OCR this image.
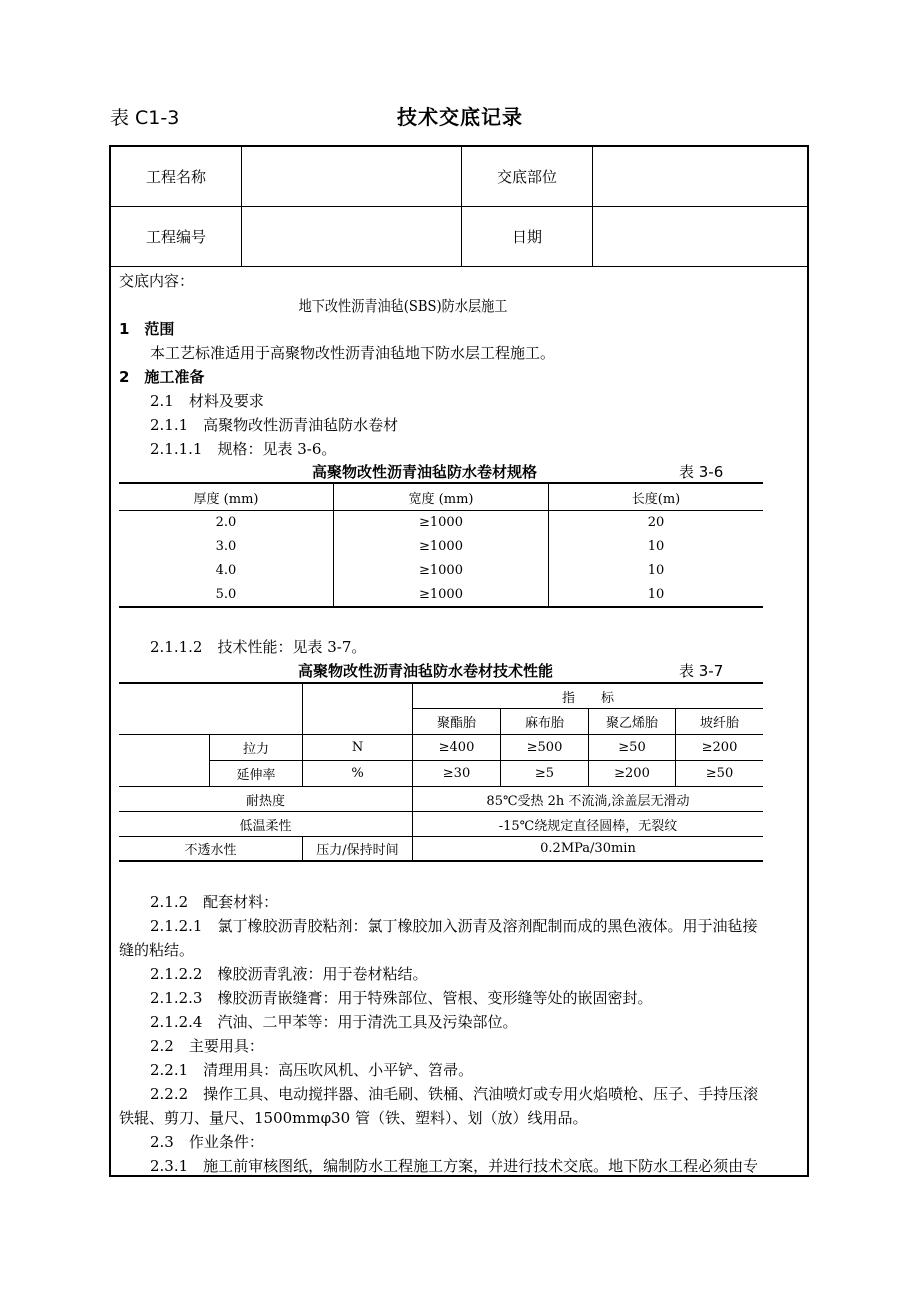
表 C1-3	技术交底记录
工程名称	交底部位
工程编号	日期
交底内容：
地下改性沥青油毡(SBS)防水层施工
1　范围
本工艺标准适用于高聚物改性沥青油毡地下防水层工程施工。
2　施工准备
2.1　材料及要求
2.1.1　高聚物改性沥青油毡防水卷材
2.1.1.1　规格：见表 3-6。
高聚物改性沥青油毡防水卷材规格	表 3-6
厚度 (mm)	宽度 (mm)	长度(m)
2.0	≥1000	20
3.0	≥1000	10
4.0	≥1000	10
5.0	≥1000	10
2.1.1.2　技术性能：见表 3-7。
高聚物改性沥青油毡防水卷材技术性能	表 3-7
指　　标
聚酯胎	麻布胎	聚乙烯胎	坡纤胎
拉力	N	≥400	≥500	≥50	≥200
延伸率	%	≥30	≥5	≥200	≥50
耐热度	85℃受热 2h 不流淌,涂盖层无滑动
低温柔性	-15℃绕规定直径圆棒，无裂纹
不透水性	压力/保持时间	0.2MPa/30min
2.1.2　配套材料：
2.1.2.1　氯丁橡胶沥青胶粘剂：氯丁橡胶加入沥青及溶剂配制而成的黑色液体。用于油毡接
缝的粘结。
2.1.2.2　橡胶沥青乳液：用于卷材粘结。
2.1.2.3　橡胶沥青嵌缝膏：用于特殊部位、管根、变形缝等处的嵌固密封。
2.1.2.4　汽油、二甲苯等：用于清洗工具及污染部位。
2.2　主要用具：
2.2.1　清理用具：高压吹风机、小平铲、笤帚。
2.2.2　操作工具、电动搅拌器、油毛刷、铁桶、汽油喷灯或专用火焰喷枪、压子、手持压滚
铁辊、剪刀、量尺、1500mmφ30 管（铁、塑料）、划（放）线用品。
2.3　作业条件：
2.3.1　施工前审核图纸，编制防水工程施工方案，并进行技术交底。地下防水工程必须由专
